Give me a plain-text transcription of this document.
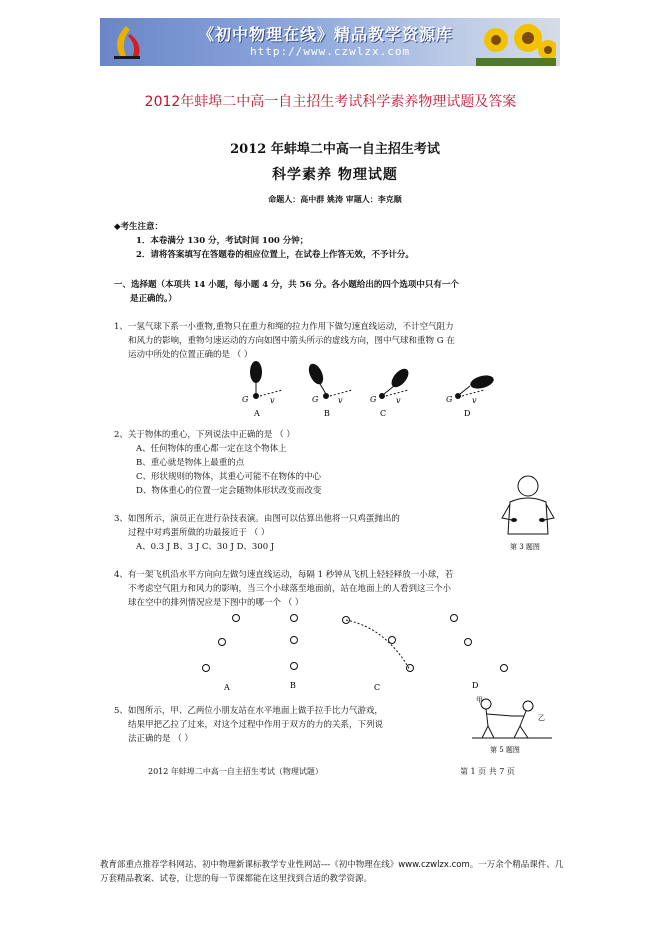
《初中物理在线》精品教学资源库
http://www.czwlzx.com
2012年蚌埠二中高一自主招生考试科学素养物理试题及答案
2012 年蚌埠二中高一自主招生考试
科学素养 物理试题
命题人：高中群 姚涛 审题人：李克顺
◆考生注意：
1．本卷满分 130 分，考试时间 100 分钟；
2．请将答案填写在答题卷的相应位置上，在试卷上作答无效，不予计分。
一、选择题（本项共 14 小题，每小题 4 分，共 56 分。各小题给出的四个选项中只有一个
是正确的。）
1、一氢气球下系一小重物,重物只在重力和绳的拉力作用下做匀速直线运动，不计空气阻力
和风力的影响，重物匀速运动的方向如图中箭头所示的虚线方向，图中气球和重物 G 在
运动中所处的位置正确的是 （ ）
G	v
A
G v
B
G v
C
G v
D
2、关于物体的重心，下列说法中正确的是 （ ）
A、任何物体的重心都一定在这个物体上
B、重心就是物体上最重的点
C、形状规则的物体，其重心可能不在物体的中心
D、物体重心的位置一定会随物体形状改变而改变
3、如图所示，演员正在进行杂技表演。由图可以估算出他将一只鸡蛋抛出的
过程中对鸡蛋所做的功最接近于 （ ）
A、0.3 J B、3 J C、30 J D、300 J	第 3 题图
4、有一架飞机沿水平方向向左做匀速直线运动，每隔 1 秒钟从飞机上轻轻释放一小球，若
不考虑空气阻力和风力的影响，当三个小球落至地面前，站在地面上的人看到这三个小
球在空中的排列情况应是下图中的哪一个 （ ）
A	B	C	D
5、如图所示，甲、乙两位小朋友站在水平地面上做手拉手比力气游戏，
结果甲把乙拉了过来，对这个过程中作用于双方的力的关系，下列说
法正确的是 （ ）
甲
乙
第 5 题图
2012 年蚌埠二中高一自主招生考试（物理试题）	第 1 页 共 7 页
教育部重点推荐学科网站、初中物理新课标教学专业性网站---《初中物理在线》www.czwlzx.com。一万余个精品课件、几万套精品教案、试卷，让您的每一节课都能在这里找到合适的教学资源。
